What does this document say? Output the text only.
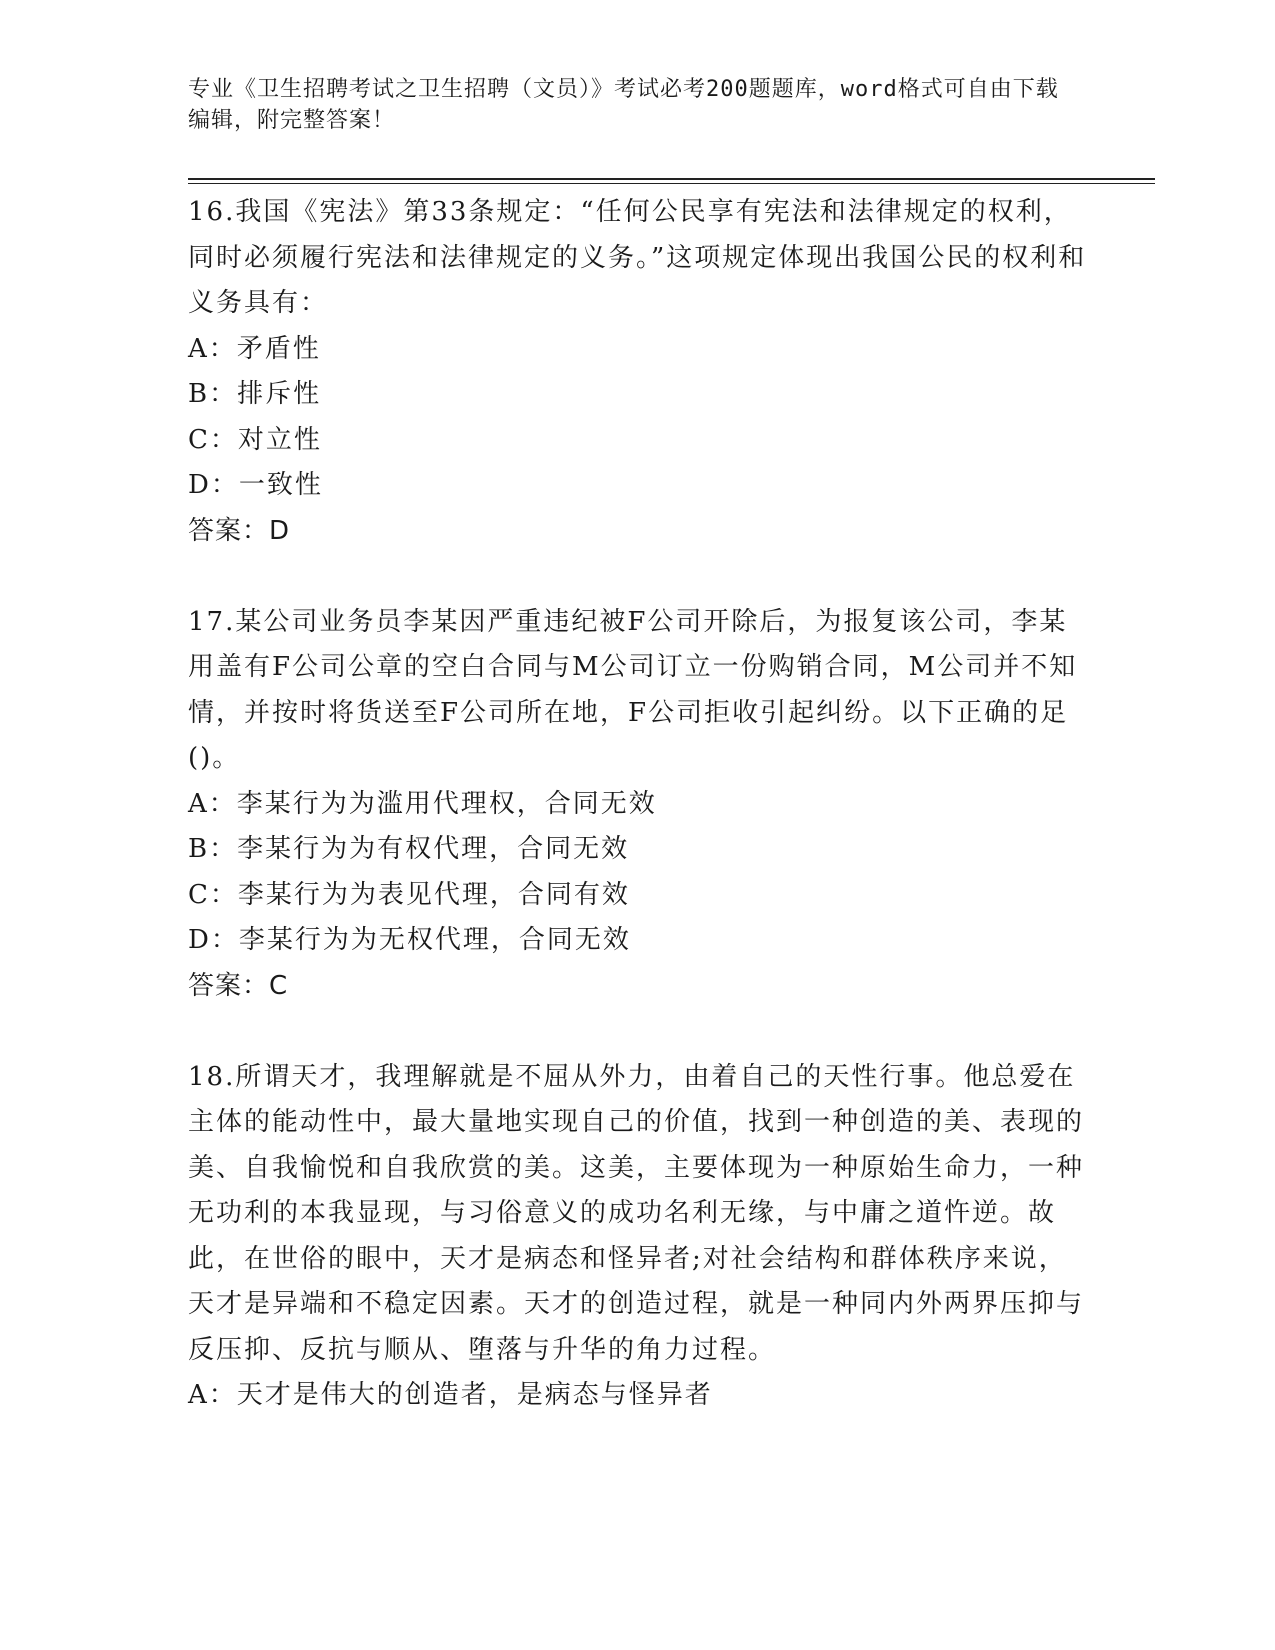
专业《卫生招聘考试之卫生招聘（文员）》考试必考200题题库，word格式可自由下载编辑，附完整答案！

16.我国《宪法》第33条规定：“任何公民享有宪法和法律规定的权利，同时必须履行宪法和法律规定的义务。”这项规定体现出我国公民的权利和义务具有：

A：矛盾性

B：排斥性

C：对立性

D：一致性

答案：D

17.某公司业务员李某因严重违纪被F公司开除后，为报复该公司，李某用盖有F公司公章的空白合同与M公司订立一份购销合同，M公司并不知情，并按时将货送至F公司所在地，F公司拒收引起纠纷。以下正确的足()。

A：李某行为为滥用代理权，合同无效

B：李某行为为有权代理，合同无效

C：李某行为为表见代理，合同有效

D：李某行为为无权代理，合同无效

答案：C

18.所谓天才，我理解就是不屈从外力，由着自己的天性行事。他总爱在主体的能动性中，最大量地实现自己的价值，找到一种创造的美、表现的美、自我愉悦和自我欣赏的美。这美，主要体现为一种原始生命力，一种无功利的本我显现，与习俗意义的成功名利无缘，与中庸之道忤逆。故此，在世俗的眼中，天才是病态和怪异者;对社会结构和群体秩序来说，天才是异端和不稳定因素。天才的创造过程，就是一种同内外两界压抑与反压抑、反抗与顺从、堕落与升华的角力过程。

A：天才是伟大的创造者，是病态与怪异者
